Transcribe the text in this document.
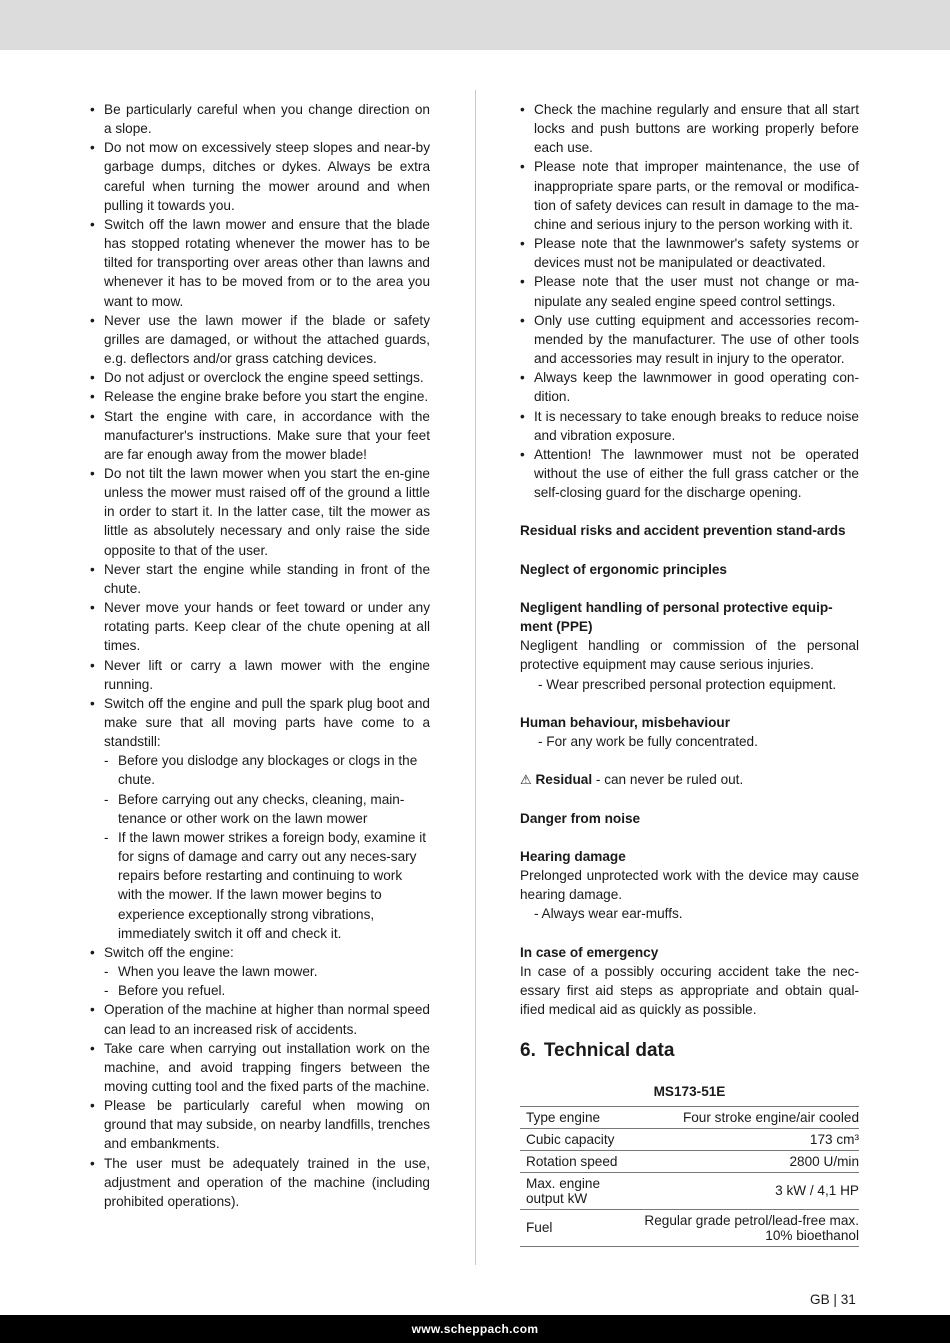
• Be particularly careful when you change direction on a slope.
• Do not mow on excessively steep slopes and near-by garbage dumps, ditches or dykes. Always be extra careful when turning the mower around and when pulling it towards you.
• Switch off the lawn mower and ensure that the blade has stopped rotating whenever the mower has to be tilted for transporting over areas other than lawns and whenever it has to be moved from or to the area you want to mow.
• Never use the lawn mower if the blade or safety grilles are damaged, or without the attached guards, e.g. deflectors and/or grass catching devices.
• Do not adjust or overclock the engine speed settings.
• Release the engine brake before you start the engine.
• Start the engine with care, in accordance with the manufacturer's instructions. Make sure that your feet are far enough away from the mower blade!
• Do not tilt the lawn mower when you start the en-gine unless the mower must raised off of the ground a little in order to start it. In the latter case, tilt the mower as little as absolutely necessary and only raise the side opposite to that of the user.
• Never start the engine while standing in front of the chute.
• Never move your hands or feet toward or under any rotating parts. Keep clear of the chute opening at all times.
• Never lift or carry a lawn mower with the engine running.
• Switch off the engine and pull the spark plug boot and make sure that all moving parts have come to a standstill:
- Before you dislodge any blockages or clogs in the chute.
- Before carrying out any checks, cleaning, main-tenance or other work on the lawn mower
- If the lawn mower strikes a foreign body, examine it for signs of damage and carry out any neces-sary repairs before restarting and continuing to work with the mower. If the lawn mower begins to experience exceptionally strong vibrations, immediately switch it off and check it.
• Switch off the engine:
- When you leave the lawn mower.
- Before you refuel.
• Operation of the machine at higher than normal speed can lead to an increased risk of accidents.
• Take care when carrying out installation work on the machine, and avoid trapping fingers between the moving cutting tool and the fixed parts of the machine.
• Please be particularly careful when mowing on ground that may subside, on nearby landfills, trenches and embankments.
• The user must be adequately trained in the use, adjustment and operation of the machine (including prohibited operations).
• Check the machine regularly and ensure that all start locks and push buttons are working properly before each use.
• Please note that improper maintenance, the use of inappropriate spare parts, or the removal or modifica-tion of safety devices can result in damage to the ma-chine and serious injury to the person working with it.
• Please note that the lawnmower's safety systems or devices must not be manipulated or deactivated.
• Please note that the user must not change or ma-nipulate any sealed engine speed control settings.
• Only use cutting equipment and accessories recom-mended by the manufacturer. The use of other tools and accessories may result in injury to the operator.
• Always keep the lawnmower in good operating con-dition.
• It is necessary to take enough breaks to reduce noise and vibration exposure.
• Attention! The lawnmower must not be operated without the use of either the full grass catcher or the self-closing guard for the discharge opening.
Residual risks and accident prevention stand-ards
Neglect of ergonomic principles
Negligent handling of personal protective equip-ment (PPE)
Negligent handling or commission of the personal protective equipment may cause serious injuries.
- Wear prescribed personal protection equipment.
Human behaviour, misbehaviour
- For any work be fully concentrated.
⚠ Residual - can never be ruled out.
Danger from noise
Hearing damage
Prelonged unprotected work with the device may cause hearing damage.
- Always wear ear-muffs.
In case of emergency
In case of a possibly occuring accident take the nec-essary first aid steps as appropriate and obtain qual-ified medical aid as quickly as possible.
6. Technical data
MS173-51E
Type engine	Four stroke engine/air cooled
Cubic capacity	173 cm³
Rotation speed	2800 U/min
Max. engine output kW	3 kW / 4,1 HP
Fuel	Regular grade petrol/lead-free max. 10% bioethanol
GB | 31
www.scheppach.com
